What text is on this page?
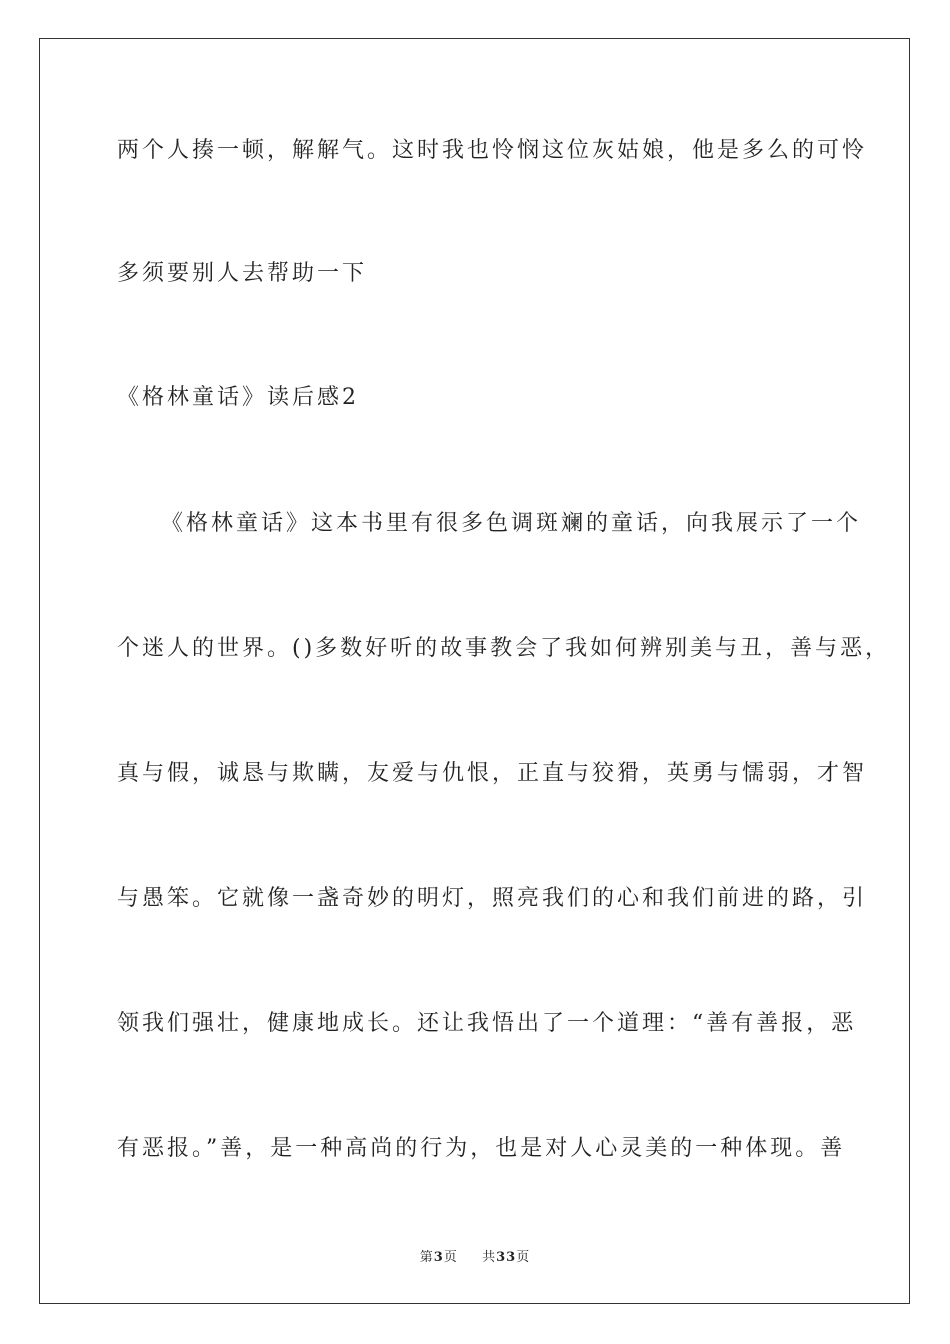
两个人揍一顿，解解气。这时我也怜悯这位灰姑娘，他是多么的可怜
多须要别人去帮助一下
《格林童话》读后感2
《格林童话》这本书里有很多色调斑斓的童话，向我展示了一个
个迷人的世界。()多数好听的故事教会了我如何辨别美与丑，善与恶，
真与假，诚恳与欺瞒，友爱与仇恨，正直与狡猾，英勇与懦弱，才智
与愚笨。它就像一盏奇妙的明灯，照亮我们的心和我们前进的路，引
领我们强壮，健康地成长。还让我悟出了一个道理：“善有善报，恶
有恶报。”善，是一种高尚的行为，也是对人心灵美的一种体现。善
第3页 共33页
